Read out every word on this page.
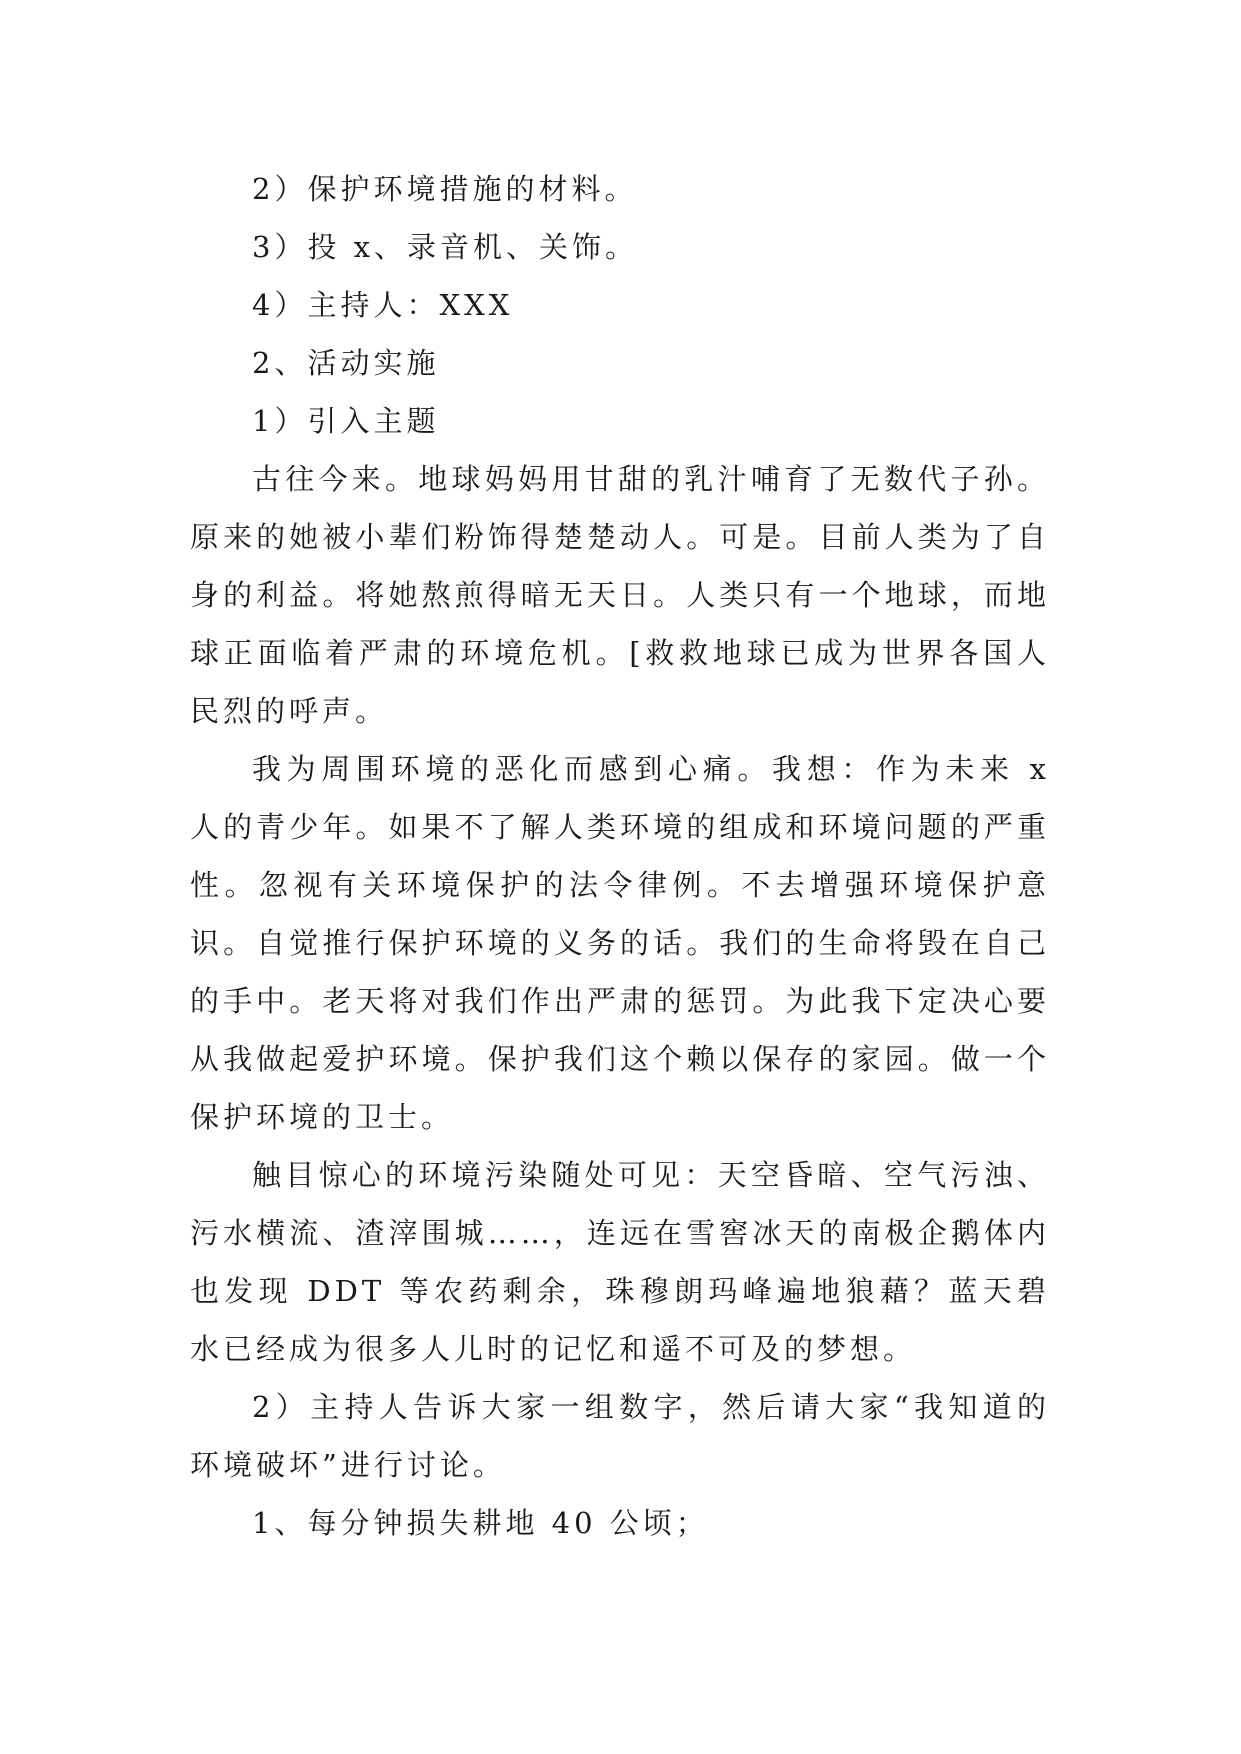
2）保护环境措施的材料。

3）投 x、录音机、关饰。

4）主持人：XXX

2、活动实施

1）引入主题

古往今来。地球妈妈用甘甜的乳汁哺育了无数代子孙。原来的她被小辈们粉饰得楚楚动人。可是。目前人类为了自身的利益。将她熬煎得暗无天日。人类只有一个地球，而地球正面临着严肃的环境危机。[救救地球已成为世界各国人民烈的呼声。

我为周围环境的恶化而感到心痛。我想：作为未来 x 人的青少年。如果不了解人类环境的组成和环境问题的严重性。忽视有关环境保护的法令律例。不去增强环境保护意识。自觉推行保护环境的义务的话。我们的生命将毁在自己的手中。老天将对我们作出严肃的惩罚。为此我下定决心要从我做起爱护环境。保护我们这个赖以保存的家园。做一个保护环境的卫士。

触目惊心的环境污染随处可见：天空昏暗、空气污浊、污水横流、渣滓围城……，连远在雪窖冰天的南极企鹅体内也发现 DDT 等农药剩余，珠穆朗玛峰遍地狼藉？蓝天碧水已经成为很多人儿时的记忆和遥不可及的梦想。

2）主持人告诉大家一组数字，然后请大家“我知道的环境破坏”进行讨论。

1、每分钟损失耕地 40 公顷；
